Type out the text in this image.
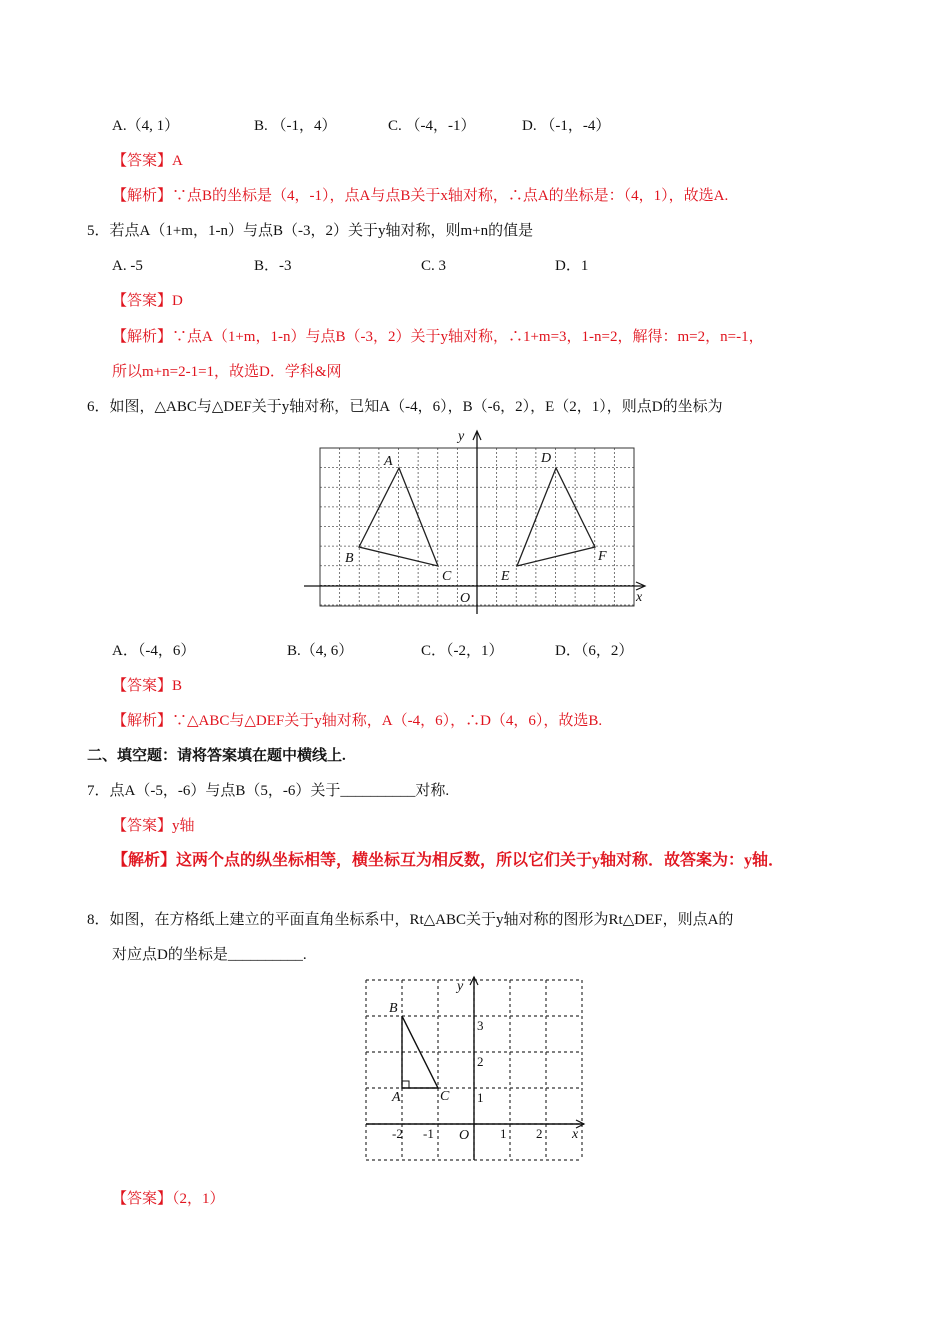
A.（4, 1）	B. （-1，4）	C. （-4，-1）	D. （-1，-4）
【答案】A
【解析】∵点B的坐标是（4，-1），点A与点B关于x轴对称，∴点A的坐标是：（4，1），故选A.
5．若点A（1+m，1-n）与点B（-3，2）关于y轴对称，则m+n的值是
A. -5	B．-3	C. 3	D．1
【答案】D
【解析】∵点A（1+m，1-n）与点B（-3，2）关于y轴对称，∴1+m=3，1-n=2，解得：m=2，n=-1，
所以m+n=2-1=1，故选D．学科&网
6．如图，△ABC与△DEF关于y轴对称，已知A（-4，6），B（-6，2），E（2，1），则点D的坐标为
A
B
C
D
E
F
O	x
y
A
B
C
O	x
y
-2 -1	1 2
1
2
3
A．（-4，6）	B.（4, 6）	C．（-2，1）	D．（6，2）
【答案】B
【解析】∵△ABC与△DEF关于y轴对称，A（-4，6），∴D（4，6），故选B.
二、填空题：请将答案填在题中横线上.
7．点A（-5，-6）与点B（5，-6）关于__________对称.
【答案】y轴
【解析】这两个点的纵坐标相等，横坐标互为相反数，所以它们关于y轴对称．故答案为：y轴．
8．如图，在方格纸上建立的平面直角坐标系中，Rt△ABC关于y轴对称的图形为Rt△DEF，则点A的
对应点D的坐标是__________.
【答案】（2，1）
